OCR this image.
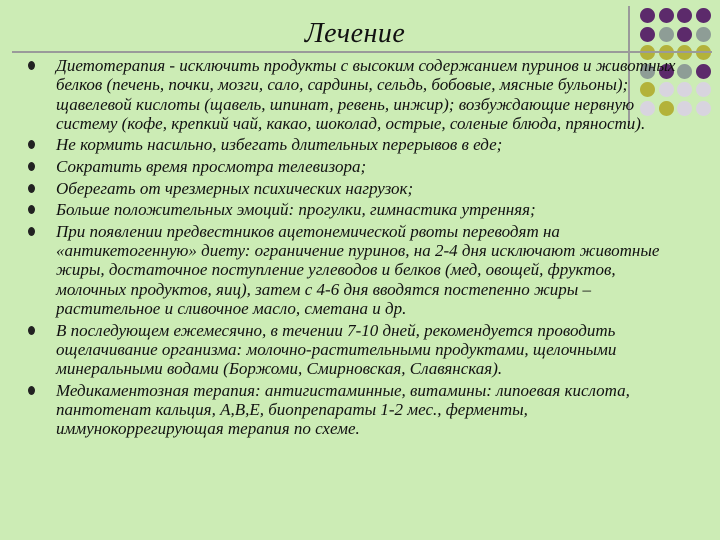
Лечение
Диетотерапия - исключить продукты с высоким содержанием пуринов и животных белков (печень, почки, мозги, сало, сардины, сельдь, бобовые, мясные бульоны); щавелевой кислоты (щавель, шпинат, ревень, инжир); возбуждающие нервную систему (кофе, крепкий чай, какао, шоколад, острые, соленые блюда, пряности).
Не кормить насильно, избегать длительных перерывов в еде;
Сократить время просмотра телевизора;
Оберегать от чрезмерных психических нагрузок;
Больше положительных эмоций: прогулки, гимнастика утренняя;
При появлении предвестников ацетонемической рвоты переводят на «антикетогенную» диету: ограничение пуринов, на 2-4 дня исключают животные жиры, достаточное поступление углеводов и белков (мед, овощей, фруктов, молочных продуктов, яиц), затем с 4-6 дня вводятся постепенно жиры – растительное и сливочное масло, сметана и др.
В последующем ежемесячно, в течении 7-10 дней, рекомендуется проводить ощелачивание организма: молочно-растительными продуктами, щелочными минеральными водами (Боржоми, Смирновская, Славянская).
Медикаментозная терапия: антигистаминные, витамины: липоевая кислота, пантотенат кальция, А,В,Е, биопрепараты 1-2 мес., ферменты, иммунокоррегирующая терапия по схеме.
